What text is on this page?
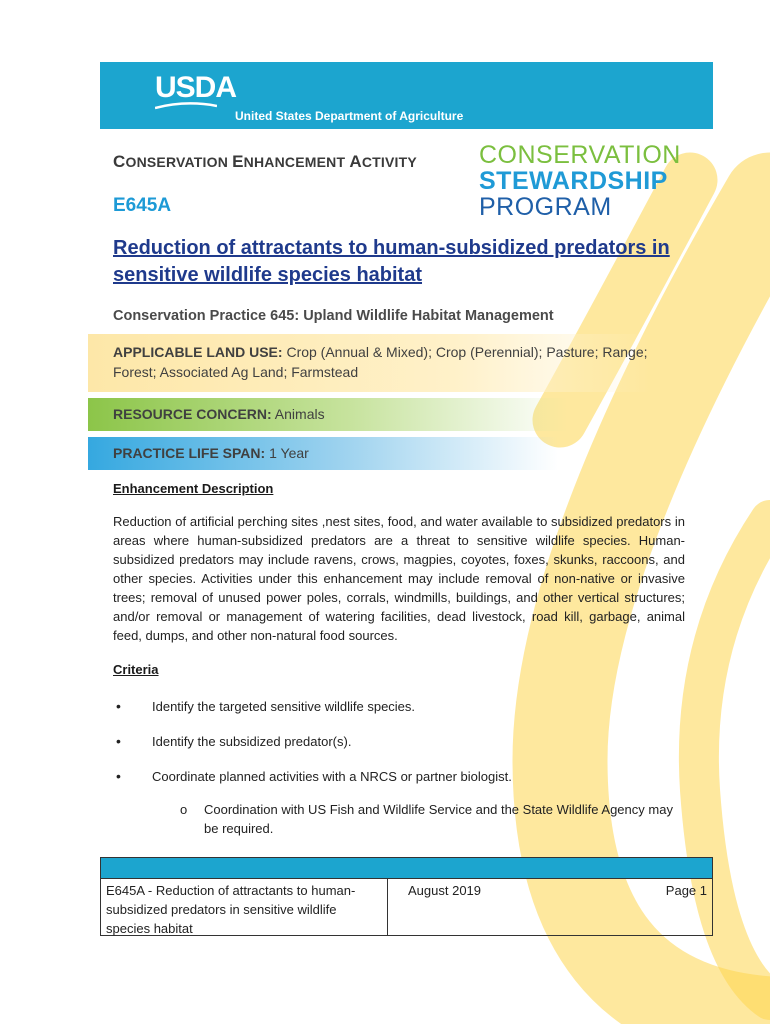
USDA
United States Department of Agriculture
CONSERVATION ENHANCEMENT ACTIVITY
E645A
CONSERVATION
STEWARDSHIP
PROGRAM
Reduction of attractants to human-subsidized predators in sensitive wildlife species habitat
Conservation Practice 645: Upland Wildlife Habitat Management
APPLICABLE LAND USE: Crop (Annual & Mixed); Crop (Perennial); Pasture; Range; Forest; Associated Ag Land; Farmstead
RESOURCE CONCERN: Animals
PRACTICE LIFE SPAN: 1 Year
Enhancement Description
Reduction of artificial perching sites ,nest sites, food, and water available to subsidized predators in areas where human-subsidized predators are a threat to sensitive wildlife species. Human-subsidized predators may include ravens, crows, magpies, coyotes, foxes, skunks, raccoons, and other species. Activities under this enhancement may include removal of non-native or invasive trees; removal of unused power poles, corrals, windmills, buildings, and other vertical structures; and/or removal or management of watering facilities, dead livestock, road kill, garbage, animal feed, dumps, and other non-natural food sources.
Criteria
• Identify the targeted sensitive wildlife species.
• Identify the subsidized predator(s).
• Coordinate planned activities with a NRCS or partner biologist.
o Coordination with US Fish and Wildlife Service and the State Wildlife Agency may be required.
E645A - Reduction of attractants to human-subsidized predators in sensitive wildlife species habitat
August 2019	Page 1
